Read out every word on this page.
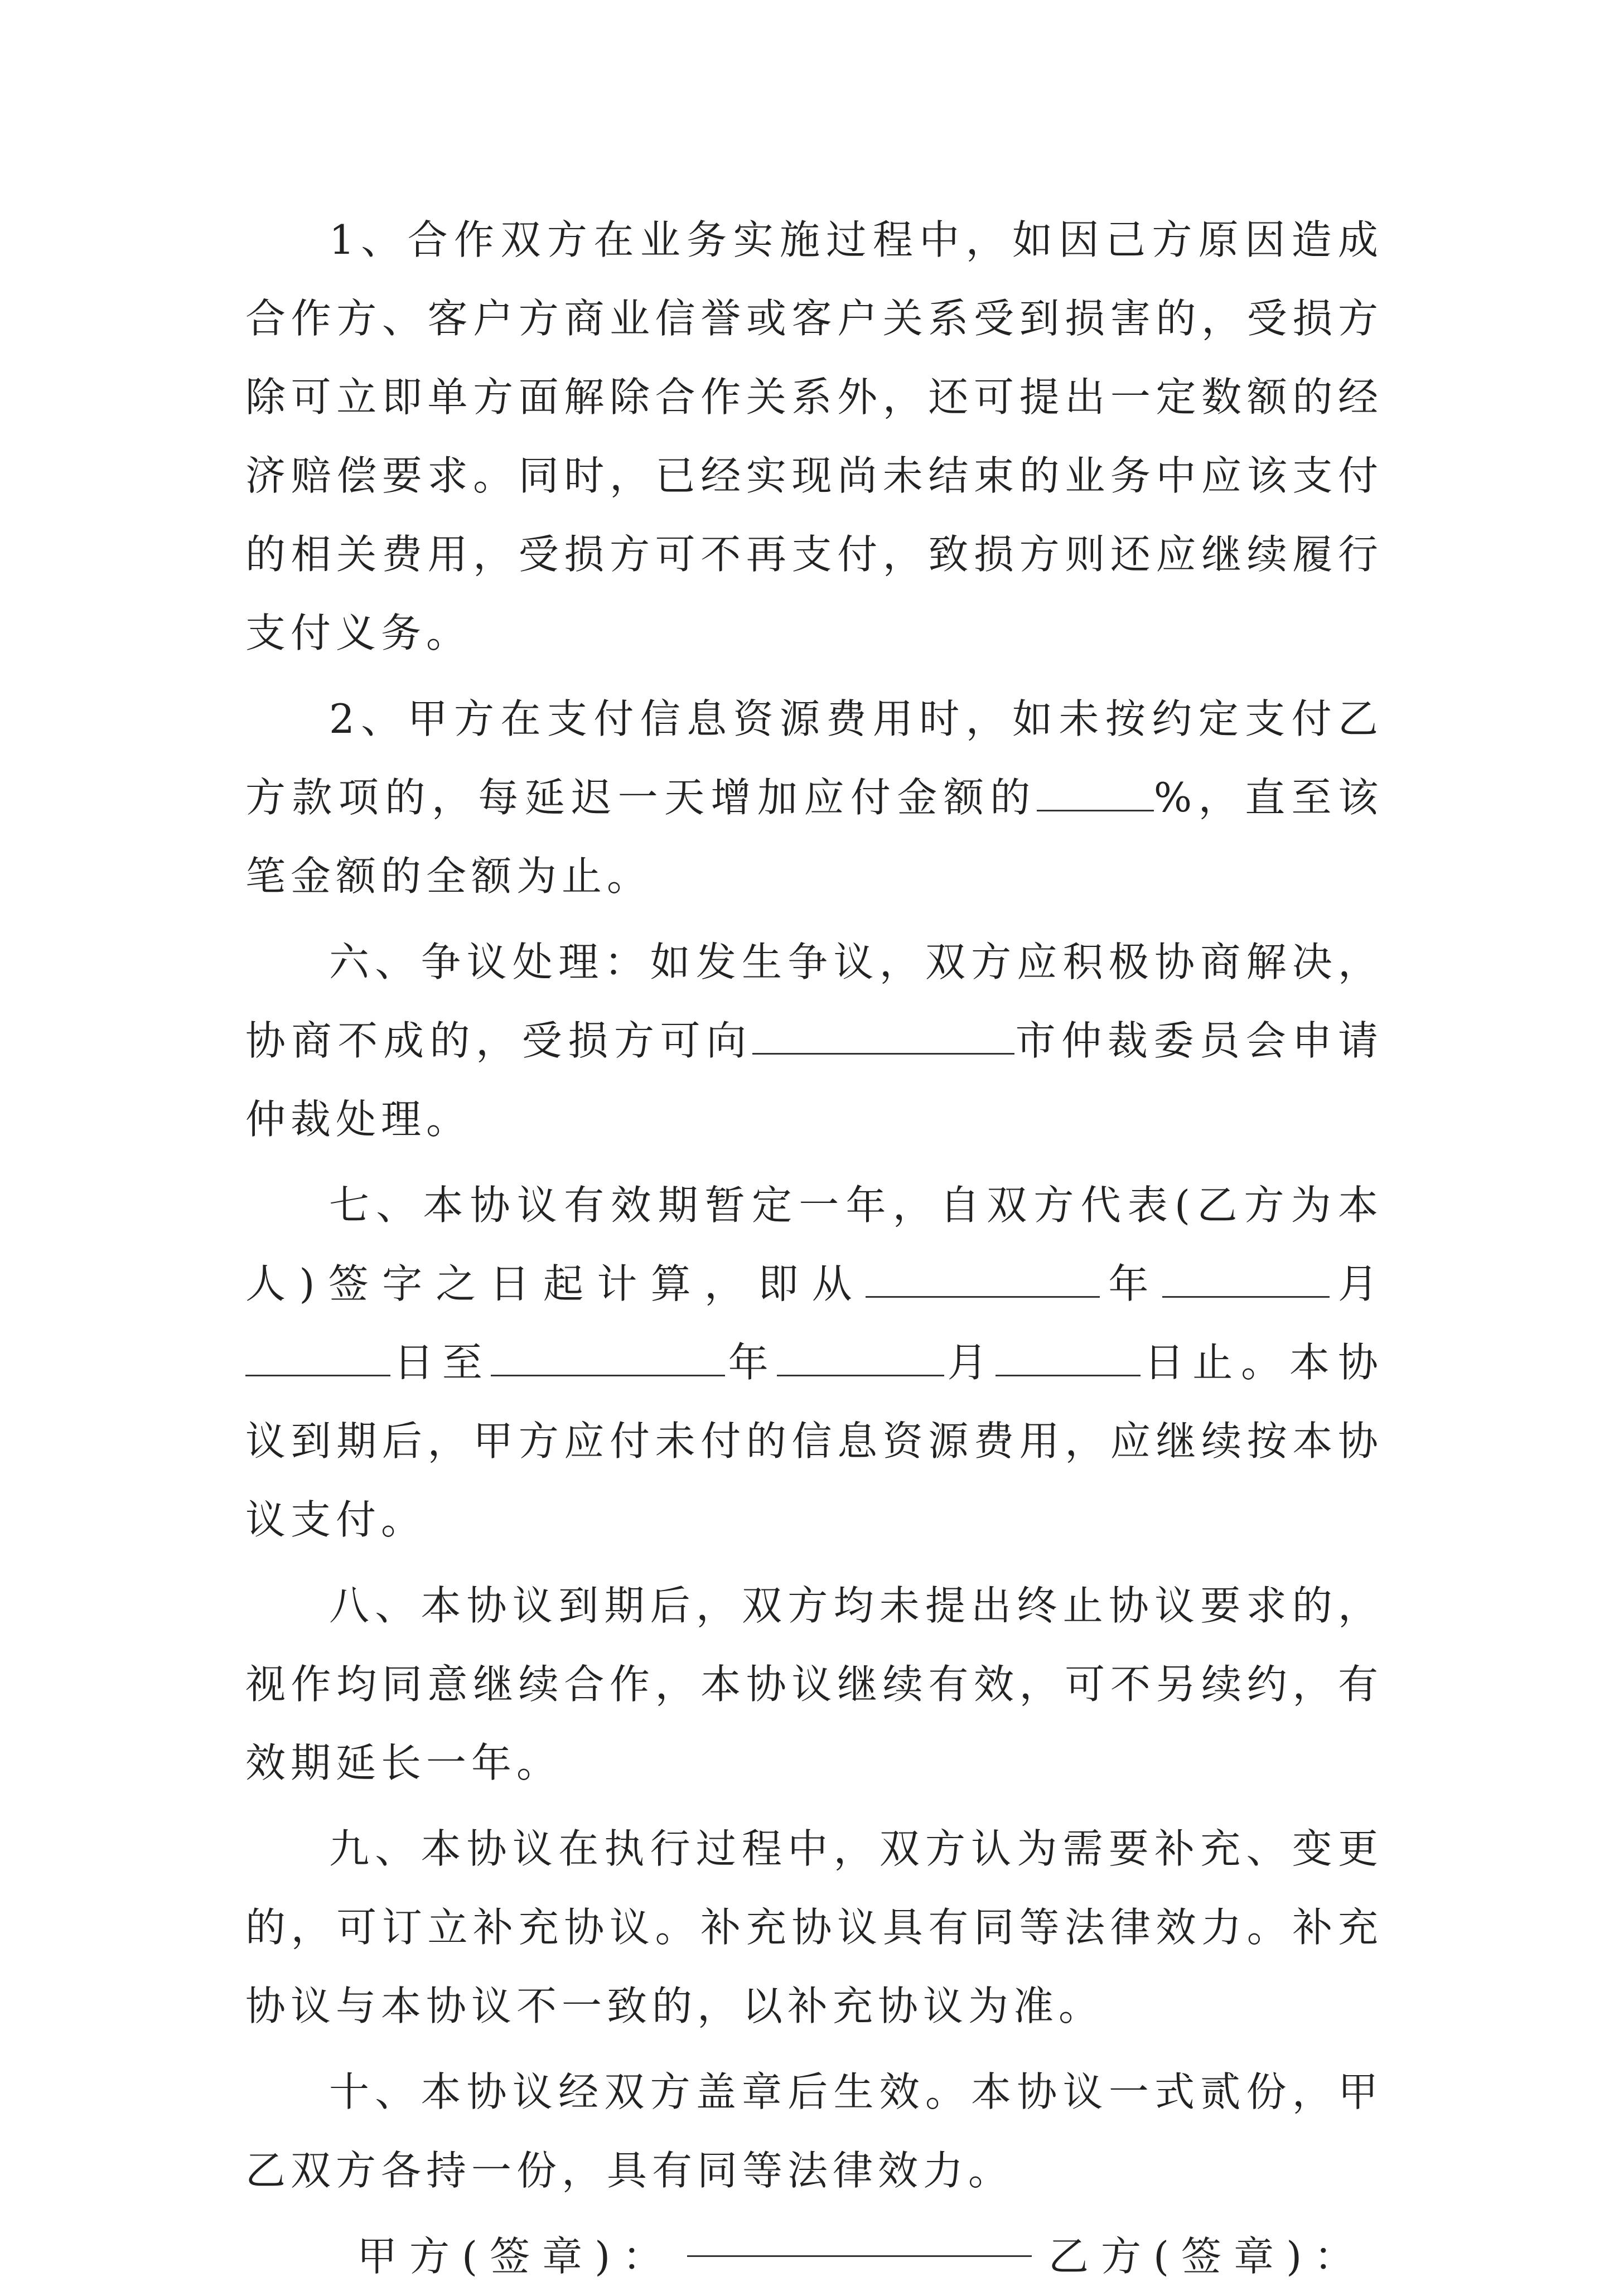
1、合作双方在业务实施过程中，如因己方原因造成合作方、客户方商业信誉或客户关系受到损害的，受损方除可立即单方面解除合作关系外，还可提出一定数额的经济赔偿要求。同时，已经实现尚未结束的业务中应该支付的相关费用，受损方可不再支付，致损方则还应继续履行支付义务。

2、甲方在支付信息资源费用时，如未按约定支付乙方款项的，每延迟一天增加应付金额的	%，直至该笔金额的全额为止。

六、争议处理：如发生争议，双方应积极协商解决，协商不成的，受损方可向	市仲裁委员会申请仲裁处理。

七、本协议有效期暂定一年，自双方代表(乙方为本人)签字之日起计算，即从	年	月日至	年	月	日止。本协议到期后，甲方应付未付的信息资源费用，应继续按本协议支付。

八、本协议到期后，双方均未提出终止协议要求的，视作均同意继续合作，本协议继续有效，可不另续约，有效期延长一年。

九、本协议在执行过程中，双方认为需要补充、变更的，可订立补充协议。补充协议具有同等法律效力。补充协议与本协议不一致的，以补充协议为准。

十、本协议经双方盖章后生效。本协议一式贰份，甲乙双方各持一份，具有同等法律效力。

甲方(签章)：	乙方(签章)：
